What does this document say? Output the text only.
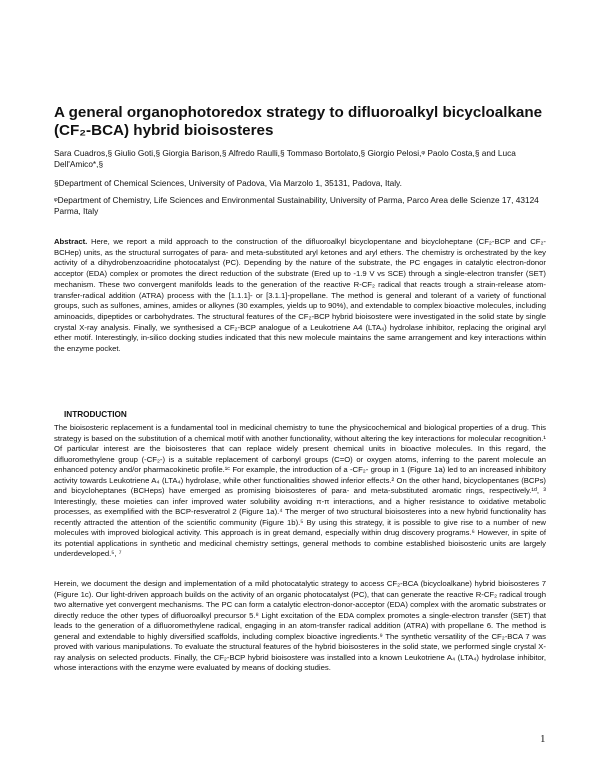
A general organophotoredox strategy to difluoroalkyl bicycloalkane (CF₂-BCA) hybrid bioisosteres
Sara Cuadros,§ Giulio Goti,§ Giorgia Barison,§ Alfredo Raulli,§ Tommaso Bortolato,§ Giorgio Pelosi,ᵠ Paolo Costa,§ and Luca Dell'Amico*,§
§Department of Chemical Sciences, University of Padova, Via Marzolo 1, 35131, Padova, Italy.
ᵠDepartment of Chemistry, Life Sciences and Environmental Sustainability, University of Parma, Parco Area delle Scienze 17, 43124 Parma, Italy
Abstract. Here, we report a mild approach to the construction of the difluoroalkyl bicyclopentane and bicycloheptane (CF₂-BCP and CF₂-BCHep) units, as the structural surrogates of para- and meta-substituted aryl ketones and aryl ethers. The chemistry is orchestrated by the key activity of a dihydrobenzoacridine photocatalyst (PC). Depending by the nature of the substrate, the PC engages in catalytic electron-donor acceptor (EDA) complex or promotes the direct reduction of the substrate (Ered up to -1.9 V vs SCE) through a single-electron transfer (SET) mechanism. These two convergent manifolds leads to the generation of the reactive R-CF₂ radical that reacts trough a strain-release atom-transfer-radical addition (ATRA) process with the [1.1.1]- or [3.1.1]-propellane. The method is general and tolerant of a variety of functional groups, such as sulfones, amines, amides or alkynes (30 examples, yields up to 90%), and extendable to complex bioactive molecules, including aminoacids, dipeptides or carbohydrates. The structural features of the CF₂-BCP hybrid bioisostere were investigated in the solid state by single crystal X-ray analysis. Finally, we synthesised a CF₂-BCP analogue of a Leukotriene A4 (LTA₄) hydrolase inhibitor, replacing the original aryl ether motif. Interestingly, in-silico docking studies indicated that this new molecule maintains the same arrangement and key interactions within the enzyme pocket.
INTRODUCTION

The bioisosteric replacement is a fundamental tool in medicinal chemistry to tune the physicochemical and biological properties of a drug. This strategy is based on the substitution of a chemical motif with another functionality, without altering the key interactions for molecular recognition.¹ Of particular interest are the bioisosteres that can replace widely present chemical units in bioactive molecules. In this regard, the difluoromethylene group (-CF₂-) is a suitable replacement of carbonyl groups (C=O) or oxygen atoms, inferring to the parent molecule an enhanced potency and/or pharmacokinetic profile.¹ᶜ For example, the introduction of a -CF₂- group in 1 (Figure 1a) led to an increased inhibitory activity towards Leukotriene A₄ (LTA₄) hydrolase, while other functionalities showed inferior effects.² On the other hand, bicyclopentanes (BCPs) and bicycloheptanes (BCHeps) have emerged as promising bioisosteres of para- and meta-substituted aromatic rings, respectively.¹ᵈ, ³ Interestingly, these moieties can infer improved water solubility avoiding π-π interactions, and a higher resistance to oxidative metabolic processes, as exemplified with the BCP-resveratrol 2 (Figure 1a).⁴ The merger of two structural bioisosteres into a new hybrid functionality has recently attracted the attention of the scientific community (Figure 1b).⁵ By using this strategy, it is possible to give rise to a number of new molecules with improved biological activity. This approach is in great demand, especially within drug discovery programs.⁶ However, in spite of its potential applications in synthetic and medicinal chemistry settings, general methods to combine established bioisosteric units are largely underdeveloped.⁵, ⁷

Herein, we document the design and implementation of a mild photocatalytic strategy to access CF₂-BCA (bicycloalkane) hybrid bioisosteres 7 (Figure 1c). Our light-driven approach builds on the activity of an organic photocatalyst (PC), that can generate the reactive R-CF₂ radical trough two alternative yet convergent mechanisms. The PC can form a catalytic electron-donor-acceptor (EDA) complex with the aromatic substrates or directly reduce the other types of difluoroalkyl precursor 5.⁸ Light excitation of the EDA complex promotes a single-electron transfer (SET) that leads to the generation of a difluoromethylene radical, engaging in an atom-transfer radical addition (ATRA) with propellane 6. The method is general and extendable to highly diversified scaffolds, including complex bioactive ingredients.⁹ The synthetic versatility of the CF₂-BCA 7 was proved with various manipulations. To evaluate the structural features of the hybrid bioisosteres in the solid state, we performed single crystal X-ray analysis on selected products. Finally, the CF₂-BCP hybrid bioisostere was installed into a known Leukotriene A₄ (LTA₄) hydrolase inhibitor, whose interactions with the enzyme were evaluated by means of docking studies.

1
